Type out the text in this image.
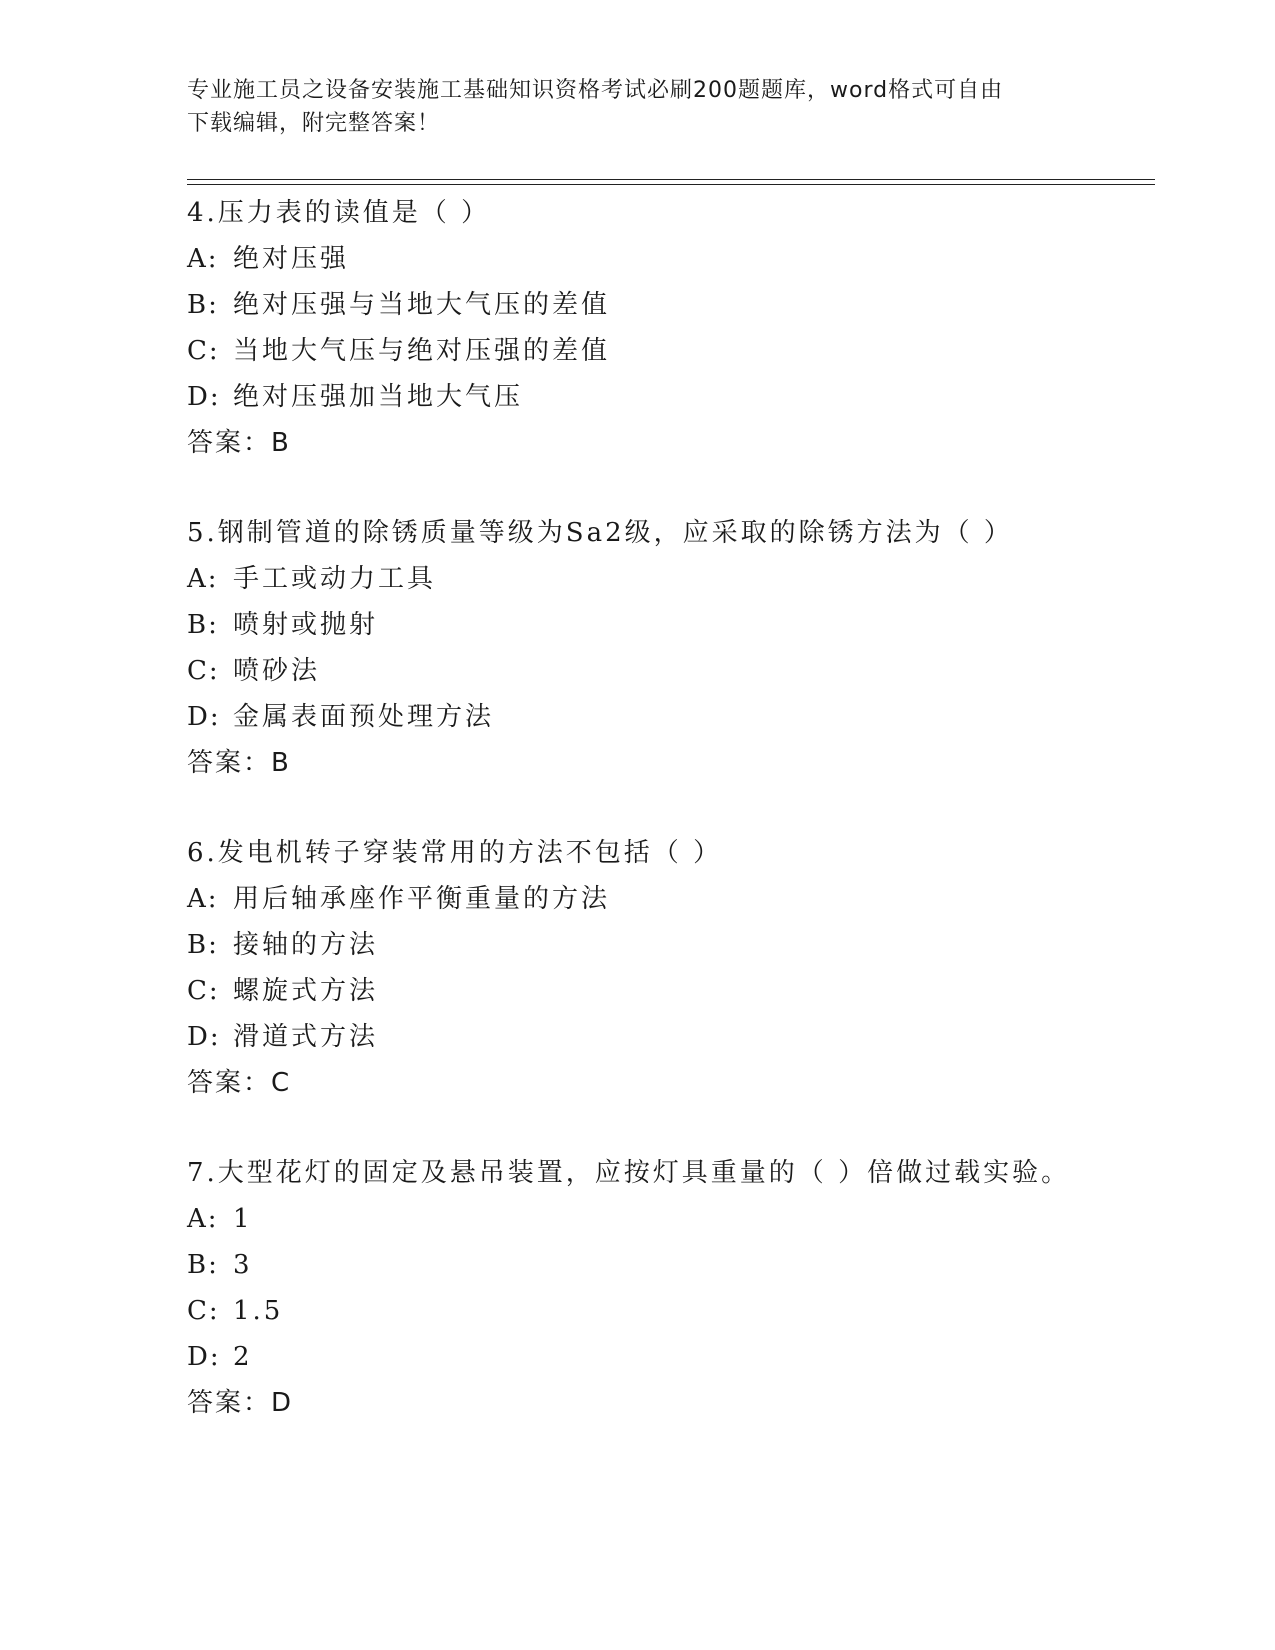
专业施工员之设备安装施工基础知识资格考试必刷200题题库，word格式可自由
下载编辑，附完整答案！
4.压力表的读值是（ ）
A: 绝对压强
B: 绝对压强与当地大气压的差值
C: 当地大气压与绝对压强的差值
D: 绝对压强加当地大气压
答案：B
5.钢制管道的除锈质量等级为Sa2级，应采取的除锈方法为（ ）
A: 手工或动力工具
B: 喷射或抛射
C: 喷砂法
D: 金属表面预处理方法
答案：B
6.发电机转子穿装常用的方法不包括（ ）
A: 用后轴承座作平衡重量的方法
B: 接轴的方法
C: 螺旋式方法
D: 滑道式方法
答案：C
7.大型花灯的固定及悬吊装置，应按灯具重量的（ ）倍做过载实验。
A: 1
B: 3
C: 1.5
D: 2
答案：D
